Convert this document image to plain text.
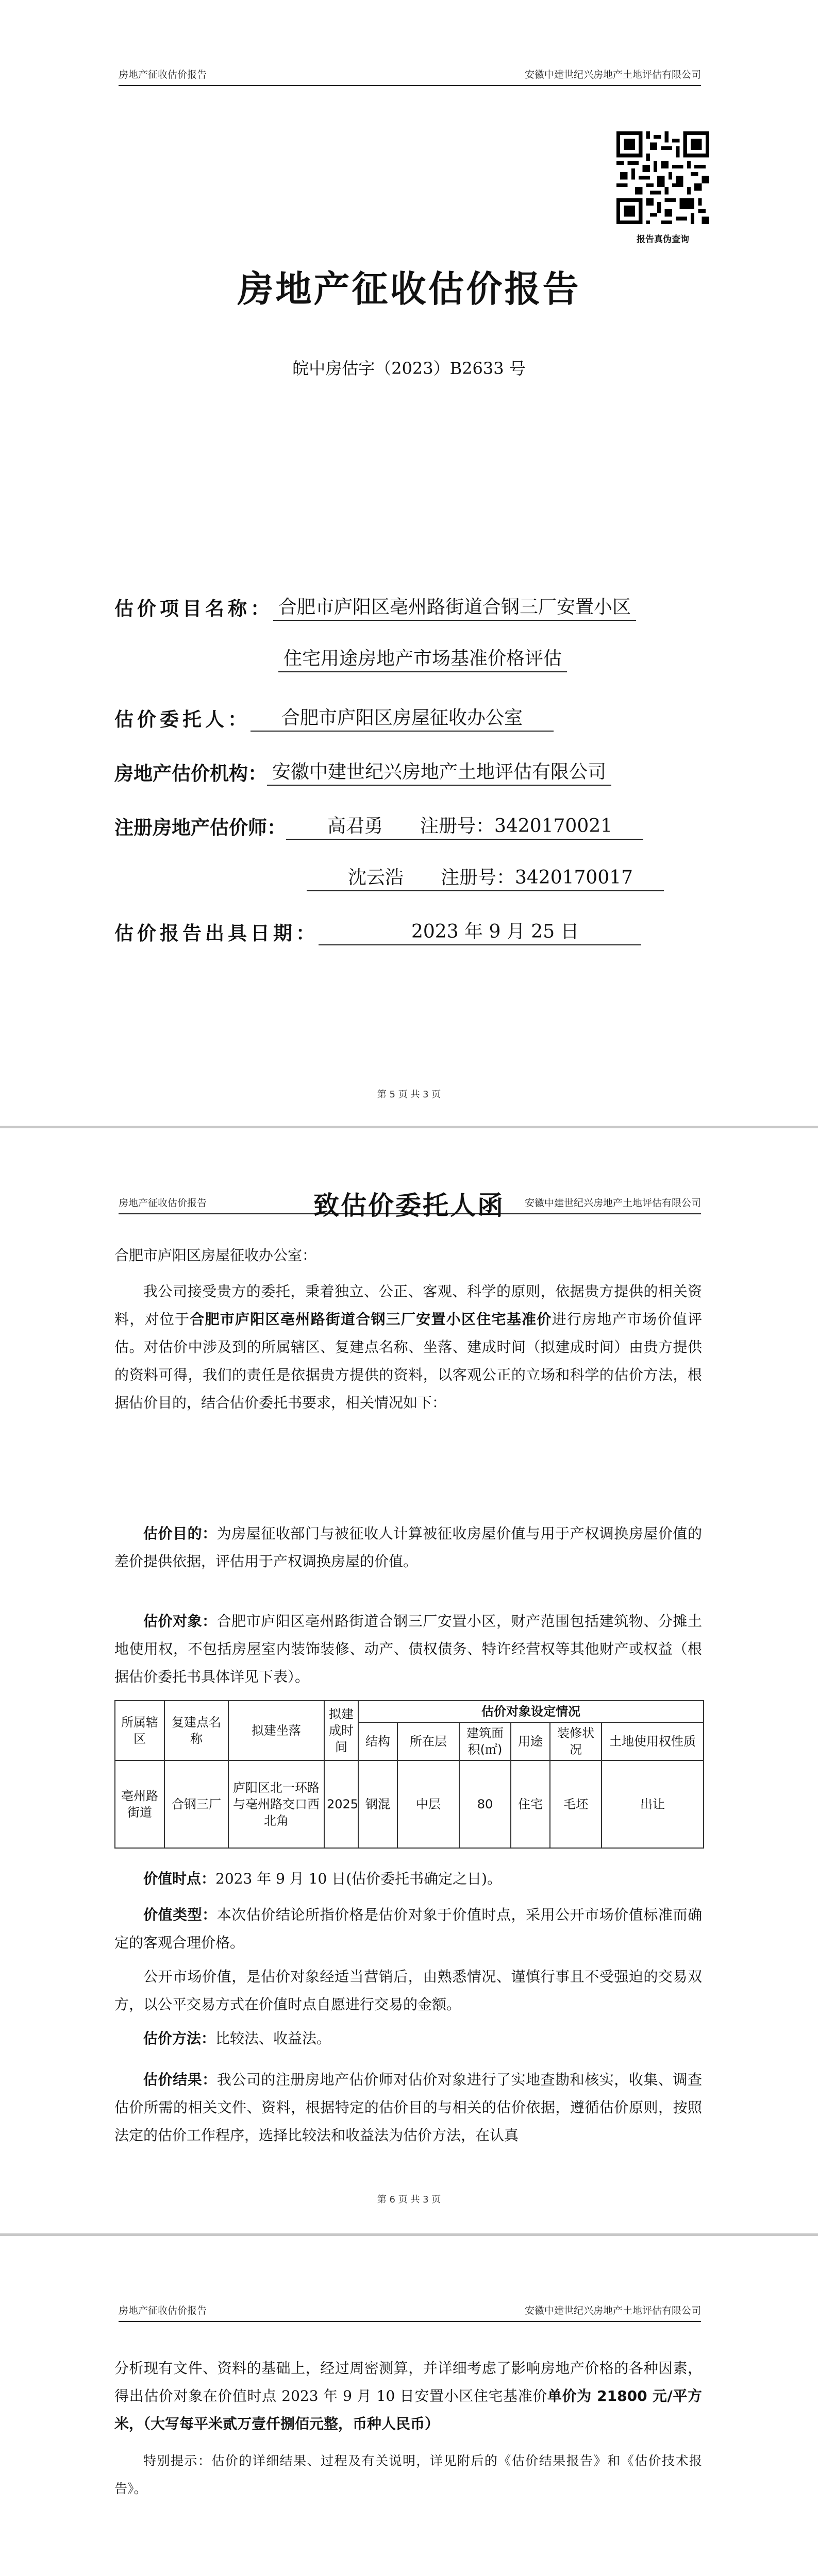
房地产征收估价报告	安徽中建世纪兴房地产土地评估有限公司
报告真伪查询
房地产征收估价报告
皖中房估字（2023）B2633 号
估价项目名称： 合肥市庐阳区亳州路街道合钢三厂安置小区
住宅用途房地产市场基准价格评估
估价委托人：	合肥市庐阳区房屋征收办公室
房地产估价机构： 安徽中建世纪兴房地产土地评估有限公司
注册房地产估价师：	高君勇　　注册号：3420170021
沈云浩　　注册号：3420170017
估价报告出具日期：	2023 年 9 月 25 日
第 5 页 共 3 页
房地产征收估价报告	安徽中建世纪兴房地产土地评估有限公司
致估价委托人函
合肥市庐阳区房屋征收办公室：
我公司接受贵方的委托，秉着独立、公正、客观、科学的原则，依据贵方提供的相关资料，对位于合肥市庐阳区亳州路街道合钢三厂安置小区住宅基准价进行房地产市场价值评估。对估价中涉及到的所属辖区、复建点名称、坐落、建成时间（拟建成时间）由贵方提供的资料可得，我们的责任是依据贵方提供的资料，以客观公正的立场和科学的估价方法，根据估价目的，结合估价委托书要求，相关情况如下：
估价目的：为房屋征收部门与被征收人计算被征收房屋价值与用于产权调换房屋价值的差价提供依据，评估用于产权调换房屋的价值。
估价对象：合肥市庐阳区亳州路街道合钢三厂安置小区，财产范围包括建筑物、分摊土地使用权，不包括房屋室内装饰装修、动产、债权债务、特许经营权等其他财产或权益（根据估价委托书具体详见下表）。
所属辖区	复建点名称	拟建坐落	拟建成时间	估价对象设定情况					
				结构	所在层	建筑面积(㎡)	用途	装修状况	土地使用权性质
亳州路街道	合钢三厂	庐阳区北一环路与亳州路交口西北角	2025	钢混	中层	80	住宅	毛坯	出让
价值时点：2023 年 9 月 10 日(估价委托书确定之日)。
价值类型：本次估价结论所指价格是估价对象于价值时点，采用公开市场价值标准而确定的客观合理价格。
公开市场价值，是估价对象经适当营销后，由熟悉情况、谨慎行事且不受强迫的交易双方，以公平交易方式在价值时点自愿进行交易的金额。
估价方法：比较法、收益法。
估价结果：我公司的注册房地产估价师对估价对象进行了实地查勘和核实，收集、调查估价所需的相关文件、资料，根据特定的估价目的与相关的估价依据，遵循估价原则，按照法定的估价工作程序，选择比较法和收益法为估价方法，在认真
第 6 页 共 3 页
房地产征收估价报告	安徽中建世纪兴房地产土地评估有限公司
分析现有文件、资料的基础上，经过周密测算，并详细考虑了影响房地产价格的各种因素，得出估价对象在价值时点 2023 年 9 月 10 日安置小区住宅基准价单价为 21800 元/平方米，（大写每平米贰万壹仟捌佰元整，币种人民币）
特别提示：估价的详细结果、过程及有关说明，详见附后的《估价结果报告》和《估价技术报告》。
